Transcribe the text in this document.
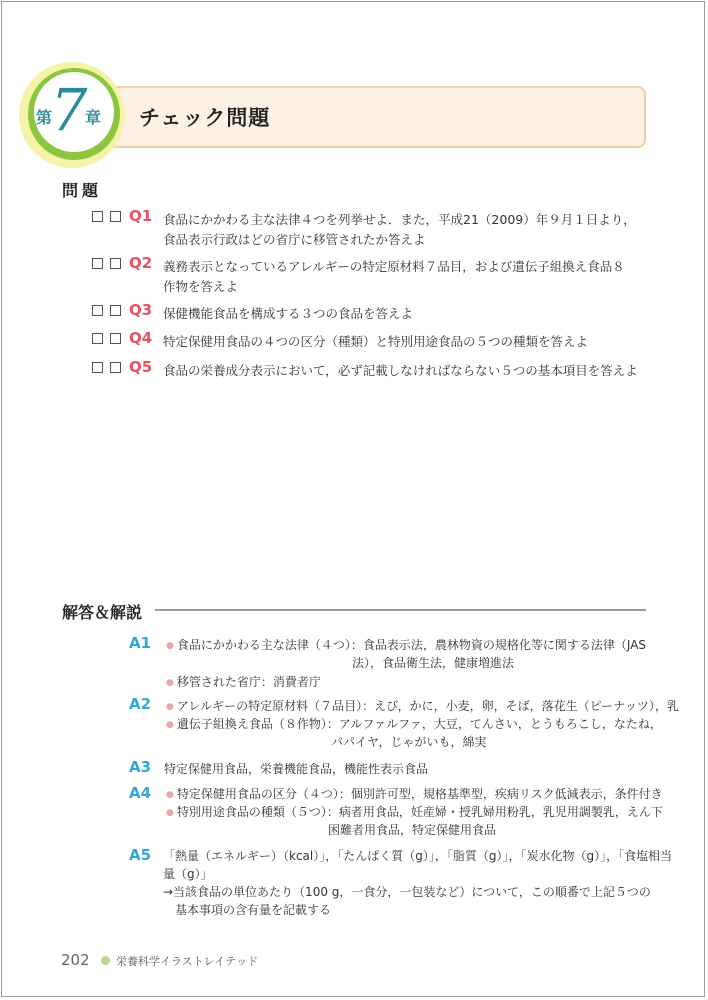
チェック問題
第
7
章
問題
Q1 食品にかかわる主な法律４つを列挙せよ．また，平成21（2009）年９月１日より，
食品表示行政はどの省庁に移管されたか答えよ
Q2 義務表示となっているアレルギーの特定原材料７品目，および遺伝子組換え食品８
作物を答えよ
Q3 保健機能食品を構成する３つの食品を答えよ
Q4 特定保健用食品の４つの区分（種類）と特別用途食品の５つの種類を答えよ
Q5 食品の栄養成分表示において，必ず記載しなければならない５つの基本項目を答えよ
解答＆解説
A1 ● 食品にかかわる主な法律（４つ）：食品表示法，農林物資の規格化等に関する法律（JAS
法），食品衛生法，健康増進法
● 移管された省庁：消費者庁
A2 ● アレルギーの特定原材料（７品目）：えび，かに，小麦，卵，そば，落花生（ピーナッツ），乳
● 遺伝子組換え食品（８作物）：アルファルファ，大豆，てんさい，とうもろこし，なたね，
パパイヤ，じゃがいも，綿実
A3 特定保健用食品，栄養機能食品，機能性表示食品
A4 ● 特定保健用食品の区分（４つ）：個別許可型，規格基準型，疾病リスク低減表示，条件付き
● 特別用途食品の種類（５つ）：病者用食品，妊産婦・授乳婦用粉乳，乳児用調製乳，えん下
困難者用食品，特定保健用食品
A5 「熱量（エネルギー）（kcal）」，「たんぱく質（g）」，「脂質（g）」，「炭水化物（g）」，「食塩相当
量（g）」
→当該食品の単位あたり（100 g，一食分，一包装など）について，この順番で上記５つの
基本事項の含有量を記載する
202 栄養科学イラストレイテッド
